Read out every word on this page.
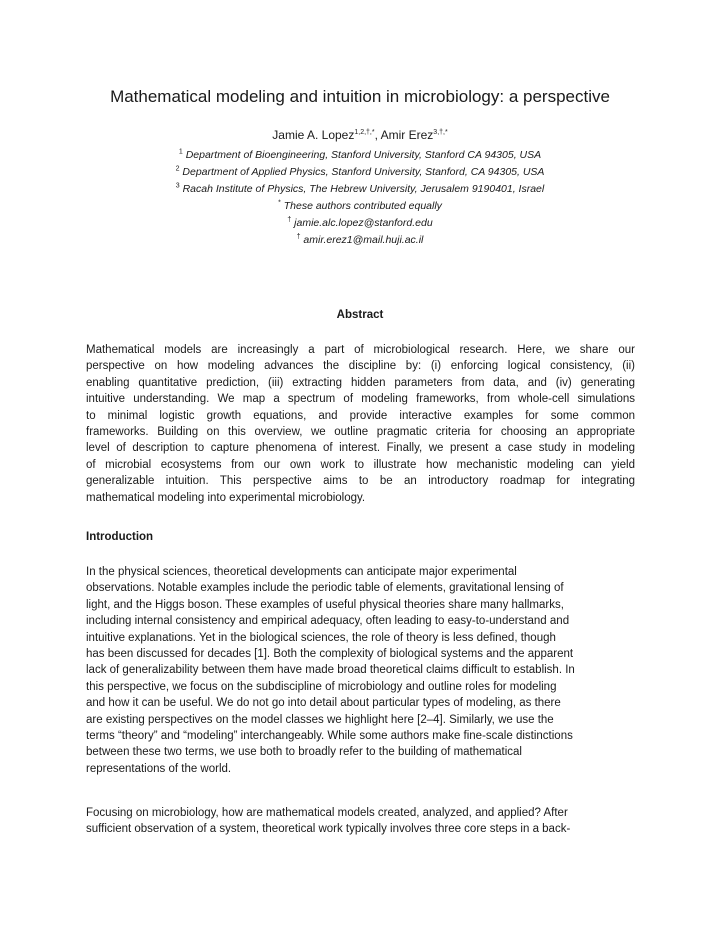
Mathematical modeling and intuition in microbiology: a perspective
Jamie A. Lopez$^{1,2,\dagger,*}$, Amir Erez$^{3,\dagger,*}$
$^1$ Department of Bioengineering, Stanford University, Stanford CA 94305, USA
$^2$ Department of Applied Physics, Stanford University, Stanford, CA 94305, USA
$^3$ Racah Institute of Physics, The Hebrew University, Jerusalem 9190401, Israel
* These authors contributed equally
† jamie.alc.lopez@stanford.edu
† amir.erez1@mail.huji.ac.il
Abstract
Mathematical models are increasingly a part of microbiological research. Here, we share our
perspective on how modeling advances the discipline by: (i) enforcing logical consistency, (ii)
enabling quantitative prediction, (iii) extracting hidden parameters from data, and (iv) generating
intuitive understanding. We map a spectrum of modeling frameworks, from whole-cell simulations
to minimal logistic growth equations, and provide interactive examples for some common
frameworks. Building on this overview, we outline pragmatic criteria for choosing an appropriate
level of description to capture phenomena of interest. Finally, we present a case study in modeling
of microbial ecosystems from our own work to illustrate how mechanistic modeling can yield
generalizable intuition. This perspective aims to be an introductory roadmap for integrating
mathematical modeling into experimental microbiology.
Introduction
In the physical sciences, theoretical developments can anticipate major experimental
observations. Notable examples include the periodic table of elements, gravitational lensing of
light, and the Higgs boson. These examples of useful physical theories share many hallmarks,
including internal consistency and empirical adequacy, often leading to easy-to-understand and
intuitive explanations. Yet in the biological sciences, the role of theory is less defined, though
has been discussed for decades [1]. Both the complexity of biological systems and the apparent
lack of generalizability between them have made broad theoretical claims difficult to establish. In
this perspective, we focus on the subdiscipline of microbiology and outline roles for modeling
and how it can be useful. We do not go into detail about particular types of modeling, as there
are existing perspectives on the model classes we highlight here [2–4]. Similarly, we use the
terms “theory” and “modeling” interchangeably. While some authors make fine-scale distinctions
between these two terms, we use both to broadly refer to the building of mathematical
representations of the world.
Focusing on microbiology, how are mathematical models created, analyzed, and applied? After
sufficient observation of a system, theoretical work typically involves three core steps in a back-
